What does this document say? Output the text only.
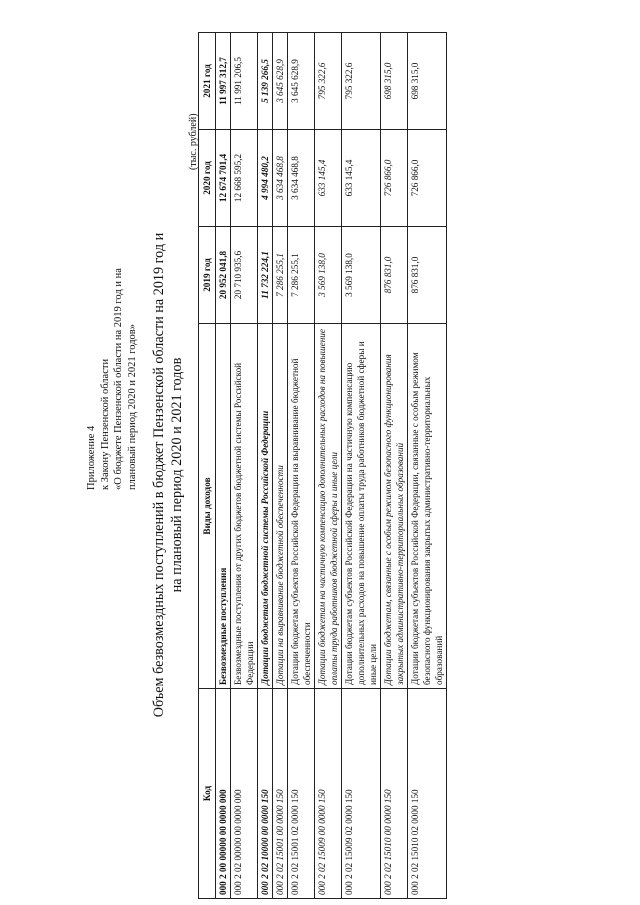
Приложение 4 к Закону Пензенской области «О бюджете Пензенской области на 2019 год и на плановый период 2020 и 2021 годов» Объем безвозмездных поступлений в бюджет Пензенской области на 2019 год и на плановый период 2020 и 2021 годов
(тыс. рублей)
Код	Виды доходов	2019 год	2020 год	2021 год
000 2 00 00000 00 0000 000	Безвозмездные поступления	20 952 041,8	12 674 701,4	11 997 312,7
000 2 02 00000 00 0000 000	Безвозмездные поступления от других бюджетов бюджетной системы Российской Федерации	20 710 935,6	12 668 595,2	11 991 206,5
000 2 02 10000 00 0000 150	Дотации бюджетам бюджетной системы Российской Федерации	11 732 224,1	4 994 480,2	5 139 266,5
000 2 02 15001 00 0000 150	Дотации на выравнивание бюджетной обеспеченности	7 286 255,1	3 634 468,8	3 645 628,9
000 2 02 15001 02 0000 150	Дотации бюджетам субъектов Российской Федерации на выравнивание бюджетной обеспеченности	7 286 255,1	3 634 468,8	3 645 628,9
000 2 02 15009 00 0000 150	Дотации бюджетам на частичную компенсацию дополнительных расходов на повышение оплаты труда работников бюджетной сферы и иные цели	3 569 138,0	633 145,4	795 322,6
000 2 02 15009 02 0000 150	Дотации бюджетам субъектов Российской Федерации на частичную компенсацию дополнительных расходов на повышение оплаты труда работников бюджетной сферы и иные цели	3 569 138,0	633 145,4	795 322,6
000 2 02 15010 00 0000 150	Дотации бюджетам, связанные с особым режимом безопасного функционирования закрытых административно-территориальных образований	876 831,0	726 866,0	698 315,0
000 2 02 15010 02 0000 150	Дотации бюджетам субъектов Российской Федерации, связанные с особым режимом безопасного функционирования закрытых административно-территориальных образований	876 831,0	726 866,0	698 315,0
